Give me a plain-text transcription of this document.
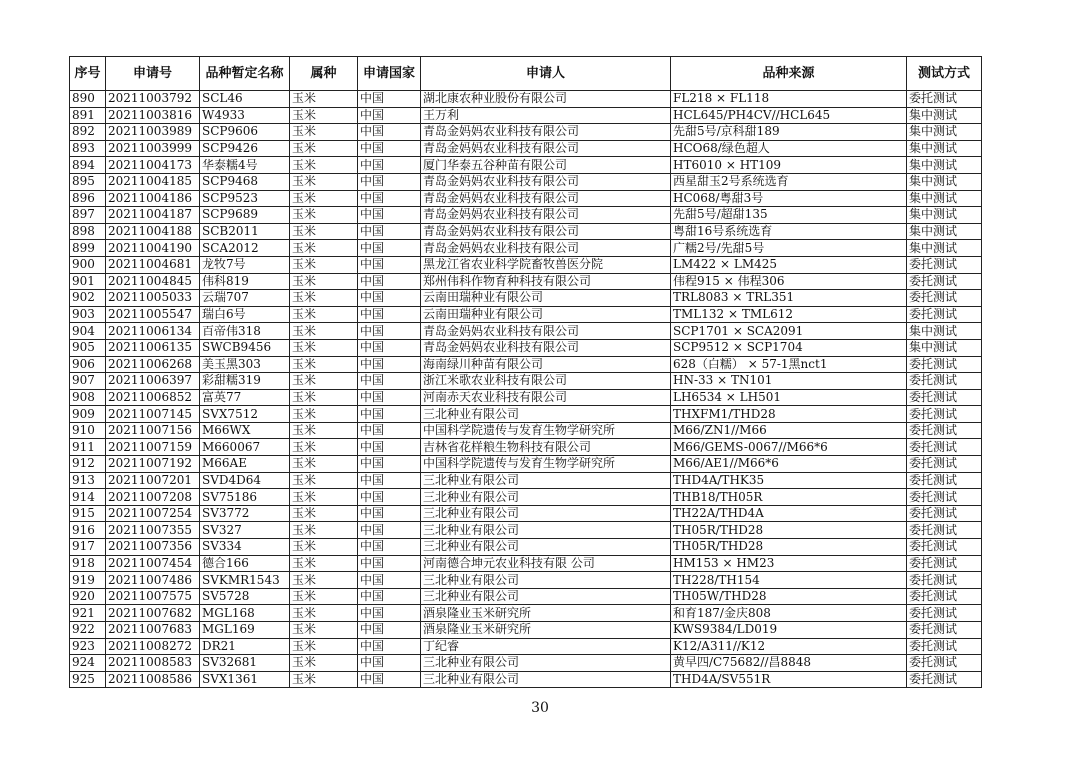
序号	申请号	品种暂定名称	属种	申请国家	申请人	品种来源	测试方式
890	20211003792	SCL46	玉米	中国	湖北康农种业股份有限公司	FL218 × FL118	委托测试
891	20211003816	W4933	玉米	中国	王万利	HCL645/PH4CV//HCL645	集中测试
892	20211003989	SCP9606	玉米	中国	青岛金妈妈农业科技有限公司	先甜5号/京科甜189	集中测试
893	20211003999	SCP9426	玉米	中国	青岛金妈妈农业科技有限公司	HCO68/绿色超人	集中测试
894	20211004173	华泰糯4号	玉米	中国	厦门华泰五谷种苗有限公司	HT6010 × HT109	集中测试
895	20211004185	SCP9468	玉米	中国	青岛金妈妈农业科技有限公司	西星甜玉2号系统选育	集中测试
896	20211004186	SCP9523	玉米	中国	青岛金妈妈农业科技有限公司	HC068/粤甜3号	集中测试
897	20211004187	SCP9689	玉米	中国	青岛金妈妈农业科技有限公司	先甜5号/超甜135	集中测试
898	20211004188	SCB2011	玉米	中国	青岛金妈妈农业科技有限公司	粤甜16号系统选育	集中测试
899	20211004190	SCA2012	玉米	中国	青岛金妈妈农业科技有限公司	广糯2号/先甜5号	集中测试
900	20211004681	龙牧7号	玉米	中国	黑龙江省农业科学院畜牧兽医分院	LM422 × LM425	委托测试
901	20211004845	伟科819	玉米	中国	郑州伟科作物育种科技有限公司	伟程915 × 伟程306	委托测试
902	20211005033	云瑞707	玉米	中国	云南田瑞种业有限公司	TRL8083 × TRL351	委托测试
903	20211005547	瑞白6号	玉米	中国	云南田瑞种业有限公司	TML132 × TML612	委托测试
904	20211006134	百帝伟318	玉米	中国	青岛金妈妈农业科技有限公司	SCP1701 × SCA2091	集中测试
905	20211006135	SWCB9456	玉米	中国	青岛金妈妈农业科技有限公司	SCP9512 × SCP1704	集中测试
906	20211006268	美玉黑303	玉米	中国	海南绿川种苗有限公司	628（白糯） × 57-1黑nct1	委托测试
907	20211006397	彩甜糯319	玉米	中国	浙江米歌农业科技有限公司	HN-33 × TN101	委托测试
908	20211006852	富英77	玉米	中国	河南赤天农业科技有限公司	LH6534 × LH501	委托测试
909	20211007145	SVX7512	玉米	中国	三北种业有限公司	THXFM1/THD28	委托测试
910	20211007156	M66WX	玉米	中国	中国科学院遗传与发育生物学研究所	M66/ZN1//M66	委托测试
911	20211007159	M660067	玉米	中国	吉林省花样粮生物科技有限公司	M66/GEMS-0067//M66*6	委托测试
912	20211007192	M66AE	玉米	中国	中国科学院遗传与发育生物学研究所	M66/AE1//M66*6	委托测试
913	20211007201	SVD4D64	玉米	中国	三北种业有限公司	THD4A/THK35	委托测试
914	20211007208	SV75186	玉米	中国	三北种业有限公司	THB18/TH05R	委托测试
915	20211007254	SV3772	玉米	中国	三北种业有限公司	TH22A/THD4A	委托测试
916	20211007355	SV327	玉米	中国	三北种业有限公司	TH05R/THD28	委托测试
917	20211007356	SV334	玉米	中国	三北种业有限公司	TH05R/THD28	委托测试
918	20211007454	德合166	玉米	中国	河南德合坤元农业科技有限 公司	HM153 × HM23	委托测试
919	20211007486	SVKMR1543	玉米	中国	三北种业有限公司	TH228/TH154	委托测试
920	20211007575	SV5728	玉米	中国	三北种业有限公司	TH05W/THD28	委托测试
921	20211007682	MGL168	玉米	中国	酒泉隆业玉米研究所	和育187/金庆808	委托测试
922	20211007683	MGL169	玉米	中国	酒泉隆业玉米研究所	KWS9384/LD019	委托测试
923	20211008272	DR21	玉米	中国	丁纪睿	K12/A311//K12	委托测试
924	20211008583	SV32681	玉米	中国	三北种业有限公司	黄早四/C75682//昌8848	委托测试
925	20211008586	SVX1361	玉米	中国	三北种业有限公司	THD4A/SV551R	委托测试
30
